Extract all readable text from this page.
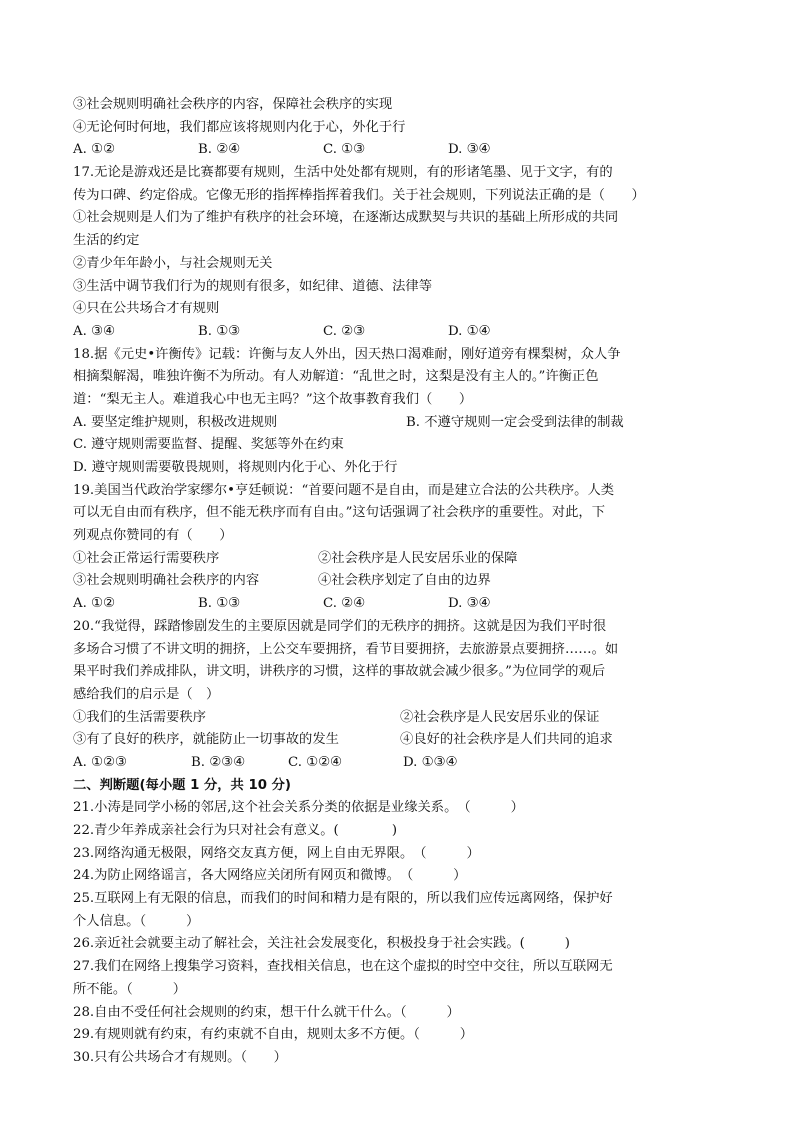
③社会规则明确社会秩序的内容，保障社会秩序的实现
④无论何时何地，我们都应该将规则内化于心，外化于行
A. ①②	B. ②④	C. ①③	D. ③④
17.无论是游戏还是比赛都要有规则，生活中处处都有规则，有的形诸笔墨、见于文字，有的
传为口碑、约定俗成。它像无形的指挥棒指挥着我们。关于社会规则，下列说法正确的是（　　）
①社会规则是人们为了维护有秩序的社会环境，在逐渐达成默契与共识的基础上所形成的共同
生活的约定
②青少年年龄小，与社会规则无关
③生活中调节我们行为的规则有很多，如纪律、道德、法律等
④只在公共场合才有规则
A. ③④	B. ①③	C. ②③	D. ①④
18.据《元史•许衡传》记载：许衡与友人外出，因天热口渴难耐，刚好道旁有棵梨树，众人争
相摘梨解渴，唯独许衡不为所动。有人劝解道：“乱世之时，这梨是没有主人的。”许衡正色
道：“梨无主人。难道我心中也无主吗？”这个故事教育我们（　　）
A. 要坚定维护规则，积极改进规则	B. 不遵守规则一定会受到法律的制裁
C. 遵守规则需要监督、提醒、奖惩等外在约束
D. 遵守规则需要敬畏规则，将规则内化于心、外化于行
19.美国当代政治学家缪尔•亨廷顿说：“首要问题不是自由，而是建立合法的公共秩序。人类
可以无自由而有秩序，但不能无秩序而有自由。”这句话强调了社会秩序的重要性。对此，下
列观点你赞同的有（　　）
①社会正常运行需要秩序	②社会秩序是人民安居乐业的保障
③社会规则明确社会秩序的内容	④社会秩序划定了自由的边界
A. ①②	B. ①③	C. ②④	D. ③④
20.“我觉得，踩踏惨剧发生的主要原因就是同学们的无秩序的拥挤。这就是因为我们平时很
多场合习惯了不讲文明的拥挤，上公交车要拥挤，看节目要拥挤，去旅游景点要拥挤……。如
果平时我们养成排队，讲文明，讲秩序的习惯，这样的事故就会减少很多。”为位同学的观后
感给我们的启示是（　）
①我们的生活需要秩序	②社会秩序是人民安居乐业的保证
③有了良好的秩序，就能防止一切事故的发生	④良好的社会秩序是人们共同的追求
A. ①②③	B. ②③④	C. ①②④	D. ①③④
二、判断题(每小题 1 分，共 10 分)
21.小涛是同学小杨的邻居,这个社会关系分类的依据是业缘关系。　（　　　）
22.青少年养成亲社会行为只对社会有意义。(　　　　)
23.网络沟通无极限，网络交友真方便，网上自由无界限。　（　　　）
24.为防止网络谣言，各大网络应关闭所有网页和微博。　（　　　）
25.互联网上有无限的信息，而我们的时间和精力是有限的，所以我们应传远离网络，保护好
个人信息。（　　　）
26.亲近社会就要主动了解社会，关注社会发展变化，积极投身于社会实践。(　　　)
27.我们在网络上搜集学习资料，查找相关信息，也在这个虚拟的时空中交往，所以互联网无
所不能。（　　　）
28.自由不受任何社会规则的约束，想干什么就干什么。（　　　）
29.有规则就有约束，有约束就不自由，规则太多不方便。（　　　）
30.只有公共场合才有规则。（　　）
